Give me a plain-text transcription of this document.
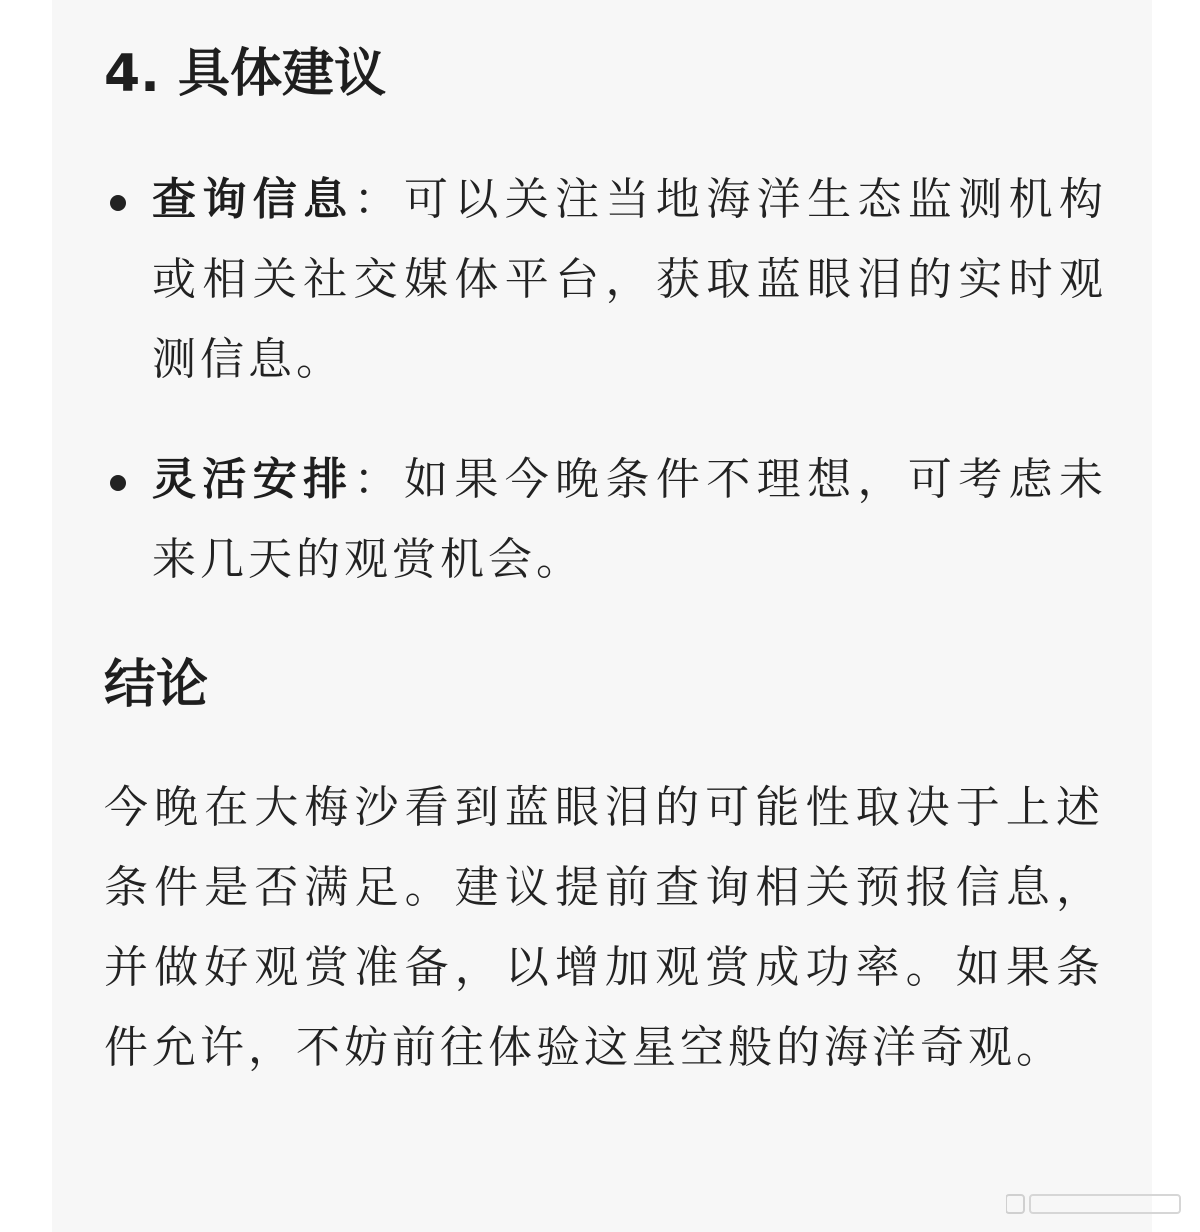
4. 具体建议

查询信息：可以关注当地海洋生态监测机构或相关社交媒体平台，获取蓝眼泪的实时观测信息。

灵活安排：如果今晚条件不理想，可考虑未来几天的观赏机会。

结论

今晚在大梅沙看到蓝眼泪的可能性取决于上述条件是否满足。建议提前查询相关预报信息，并做好观赏准备，以增加观赏成功率。如果条件允许，不妨前往体验这星空般的海洋奇观。
